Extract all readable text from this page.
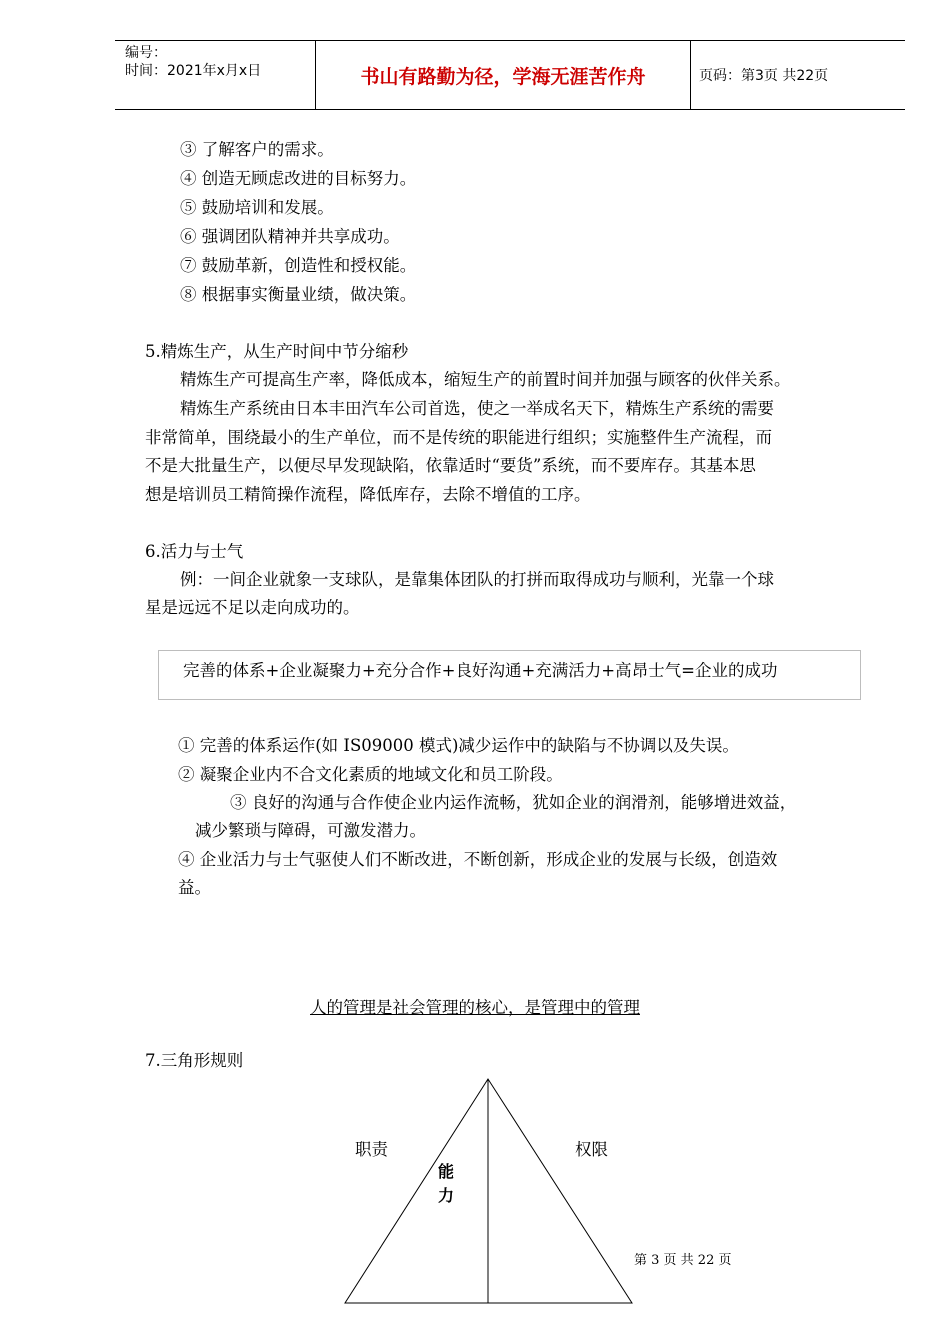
编号：
时间：2021年x月x日	书山有路勤为径，学海无涯苦作舟	页码：第3页 共22页
③ 了解客户的需求。
④ 创造无顾虑改进的目标努力。
⑤ 鼓励培训和发展。
⑥ 强调团队精神并共享成功。
⑦ 鼓励革新，创造性和授权能。
⑧ 根据事实衡量业绩，做决策。
5.精炼生产，从生产时间中节分缩秒
精炼生产可提高生产率，降低成本，缩短生产的前置时间并加强与顾客的伙伴关系。
精炼生产系统由日本丰田汽车公司首选，使之一举成名天下，精炼生产系统的需要
非常简单，围绕最小的生产单位，而不是传统的职能进行组织；实施整件生产流程，而
不是大批量生产，以便尽早发现缺陷，依靠适时“要货”系统，而不要库存。其基本思
想是培训员工精简操作流程，降低库存，去除不增值的工序。
6.活力与士气
例：一间企业就象一支球队，是靠集体团队的打拼而取得成功与顺利，光靠一个球
星是远远不足以走向成功的。
完善的体系+企业凝聚力+充分合作+良好沟通+充满活力+高昂士气=企业的成功
① 完善的体系运作(如 IS09000 模式)减少运作中的缺陷与不协调以及失误。
② 凝聚企业内不合文化素质的地域文化和员工阶段。
③ 良好的沟通与合作使企业内运作流畅，犹如企业的润滑剂，能够增进效益，
减少繁琐与障碍，可激发潜力。
④ 企业活力与士气驱使人们不断改进，不断创新，形成企业的发展与长级，创造效
益。
人的管理是社会管理的核心，是管理中的管理
7.三角形规则
职责	权限
能
力
第 3 页 共 22 页
